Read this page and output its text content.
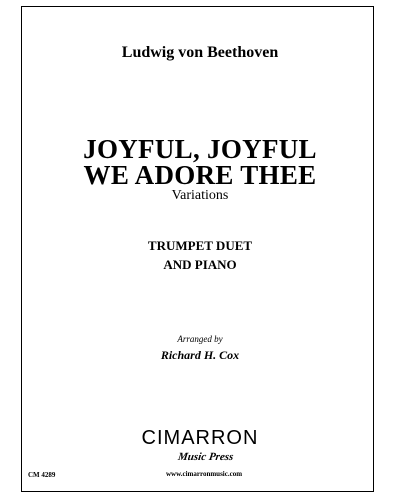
Ludwig von Beethoven
JOYFUL, JOYFUL
WE ADORE THEE
Variations
TRUMPET DUET
AND PIANO
Arranged by
Richard H. Cox
CIMARRON
Music Press
CM 4289	www.cimarronmusic.com
